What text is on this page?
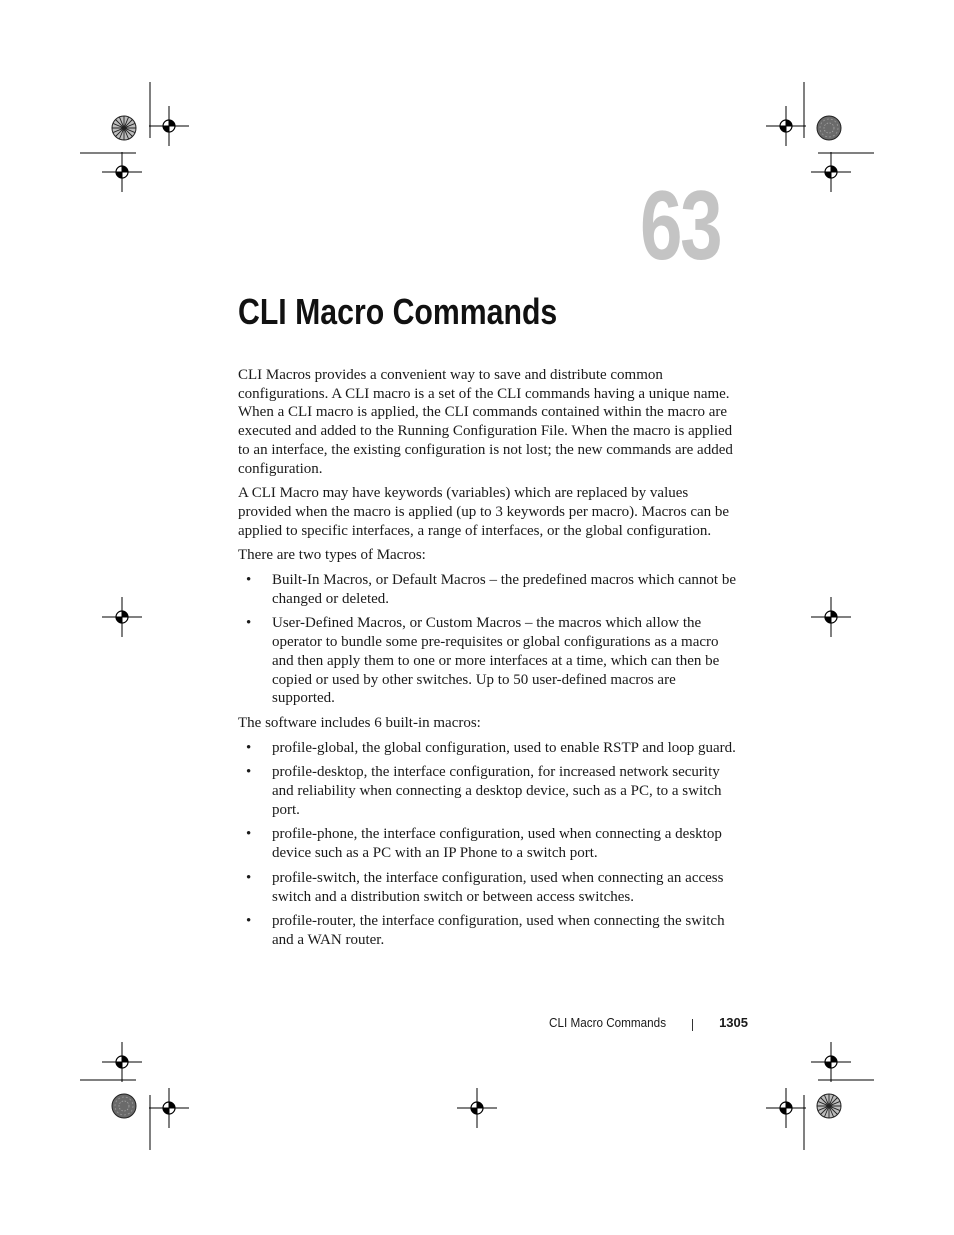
63
CLI Macro Commands

CLI Macros provides a convenient way to save and distribute common configurations. A CLI macro is a set of the CLI commands having a unique name. When a CLI macro is applied, the CLI commands contained within the macro are executed and added to the Running Configuration File. When the macro is applied to an interface, the existing configuration is not lost; the new commands are added configuration.

A CLI Macro may have keywords (variables) which are replaced by values provided when the macro is applied (up to 3 keywords per macro). Macros can be applied to specific interfaces, a range of interfaces, or the global configuration.

There are two types of Macros:

• Built-In Macros, or Default Macros – the predefined macros which cannot be changed or deleted.
• User-Defined Macros, or Custom Macros – the macros which allow the operator to bundle some pre-requisites or global configurations as a macro and then apply them to one or more interfaces at a time, which can then be copied or used by other switches. Up to 50 user-defined macros are supported.

The software includes 6 built-in macros:

• profile-global, the global configuration, used to enable RSTP and loop guard.
• profile-desktop, the interface configuration, for increased network security and reliability when connecting a desktop device, such as a PC, to a switch port.
• profile-phone, the interface configuration, used when connecting a desktop device such as a PC with an IP Phone to a switch port.
• profile-switch, the interface configuration, used when connecting an access switch and a distribution switch or between access switches.
• profile-router, the interface configuration, used when connecting the switch and a WAN router.
CLI Macro Commands	1305
